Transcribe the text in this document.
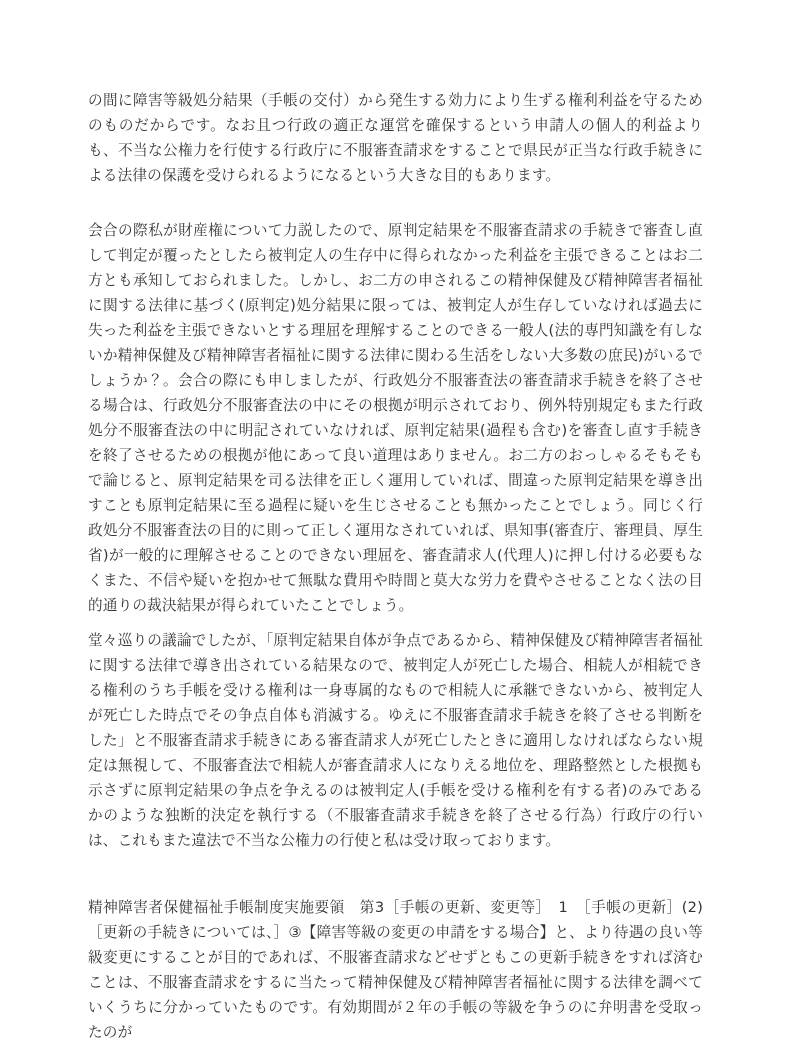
の間に障害等級処分結果（手帳の交付）から発生する効力により生ずる権利利益を守るためのものだからです。なお且つ行政の適正な運営を確保するという申請人の個人的利益よりも、不当な公権力を行使する行政庁に不服審査請求をすることで県民が正当な行政手続きによる法律の保護を受けられるようになるという大きな目的もあります。

会合の際私が財産権について力説したので、原判定結果を不服審査請求の手続きで審査し直して判定が覆ったとしたら被判定人の生存中に得られなかった利益を主張できることはお二方とも承知しておられました。しかし、お二方の申されるこの精神保健及び精神障害者福祉に関する法律に基づく(原判定)処分結果に限っては、被判定人が生存していなければ過去に失った利益を主張できないとする理屈を理解することのできる一般人(法的専門知識を有しないか精神保健及び精神障害者福祉に関する法律に関わる生活をしない大多数の庶民)がいるでしょうか？。会合の際にも申しましたが、行政処分不服審査法の審査請求手続きを終了させる場合は、行政処分不服審査法の中にその根拠が明示されており、例外特別規定もまた行政処分不服審査法の中に明記されていなければ、原判定結果(過程も含む)を審査し直す手続きを終了させるための根拠が他にあって良い道理はありません。お二方のおっしゃるそもそもで論じると、原判定結果を司る法律を正しく運用していれば、間違った原判定結果を導き出すことも原判定結果に至る過程に疑いを生じさせることも無かったことでしょう。同じく行政処分不服審査法の目的に則って正しく運用なされていれば、県知事(審査庁、審理員、厚生省)が一般的に理解させることのできない理屈を、審査請求人(代理人)に押し付ける必要もなくまた、不信や疑いを抱かせて無駄な費用や時間と莫大な労力を費やさせることなく法の目的通りの裁決結果が得られていたことでしょう。

堂々巡りの議論でしたが、「原判定結果自体が争点であるから、精神保健及び精神障害者福祉に関する法律で導き出されている結果なので、被判定人が死亡した場合、相続人が相続できる権利のうち手帳を受ける権利は一身専属的なもので相続人に承継できないから、被判定人が死亡した時点でその争点自体も消滅する。ゆえに不服審査請求手続きを終了させる判断をした」と不服審査請求手続きにある審査請求人が死亡したときに適用しなければならない規定は無視して、不服審査法で相続人が審査請求人になりえる地位を、理路整然とした根拠も示さずに原判定結果の争点を争えるのは被判定人(手帳を受ける権利を有する者)のみであるかのような独断的決定を執行する（不服審査請求手続きを終了させる行為）行政庁の行いは、これもまた違法で不当な公権力の行使と私は受け取っております。

精神障害者保健福祉手帳制度実施要領　第3［手帳の更新、変更等］　1　［手帳の更新］(2)［更新の手続きについては、］③【障害等級の変更の申請をする場合】と、より待遇の良い等級変更にすることが目的であれば、不服審査請求などせずともこの更新手続きをすれば済むことは、不服審査請求をするに当たって精神保健及び精神障害者福祉に関する法律を調べていくうちに分かっていたものです。有効期間が２年の手帳の等級を争うのに弁明書を受取ったのが
